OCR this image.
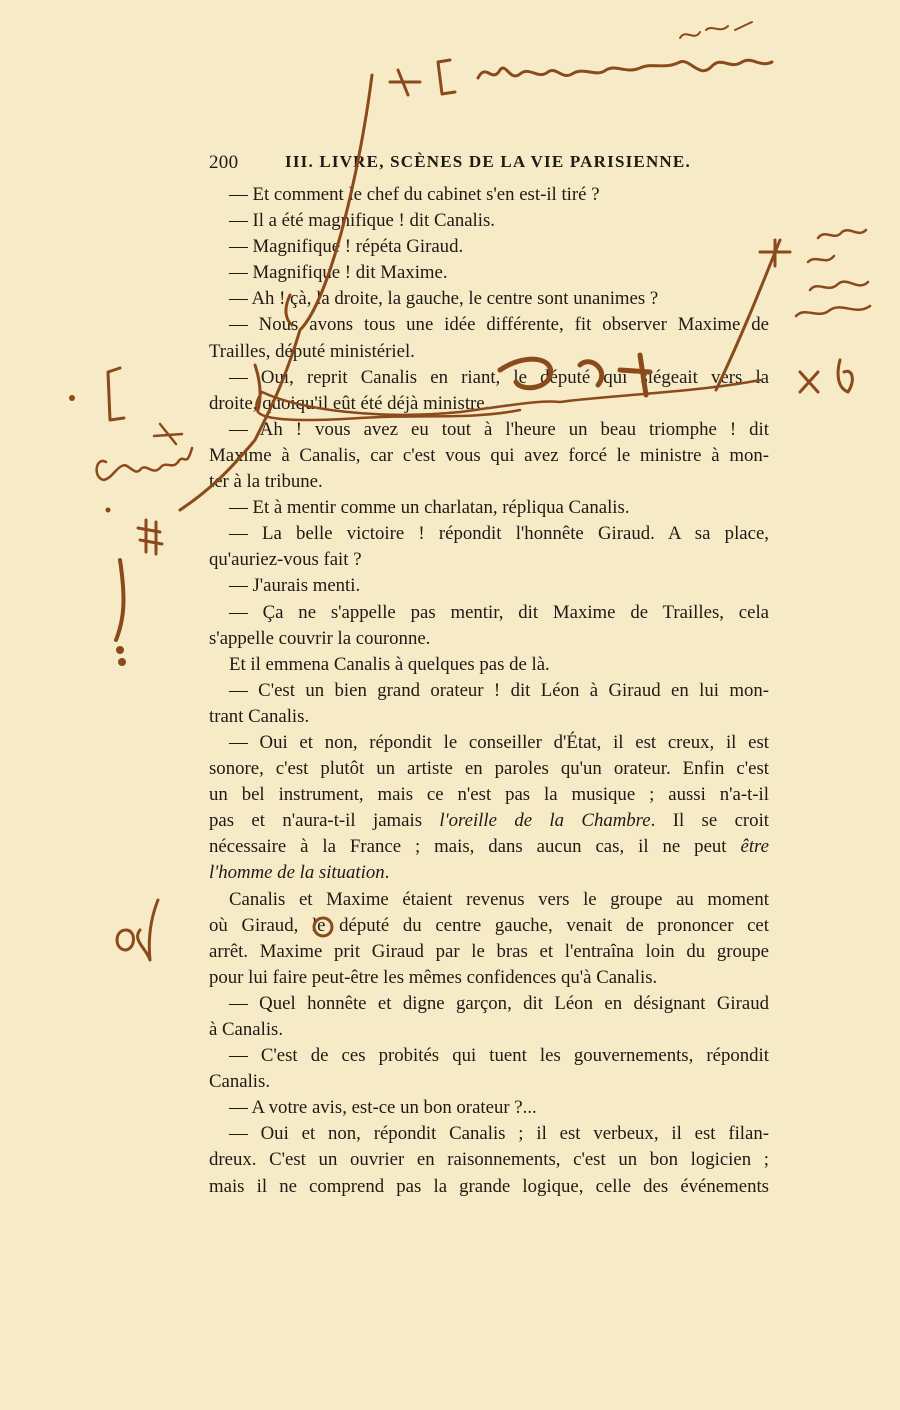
200	III. LIVRE, SCÈNES DE LA VIE PARISIENNE.
— Et comment le chef du cabinet s'en est-il tiré ?
— Il a été magnifique ! dit Canalis.
— Magnifique ! répéta Giraud.
— Magnifique ! dit Maxime.
— Ah ! çà, la droite, la gauche, le centre sont unanimes ?
— Nous avons tous une idée différente, fit observer Maxime de
Trailles, député ministériel.
— Oui, reprit Canalis en riant, le député qui siégeait vers la
droite, quoiqu'il eût été déjà ministre.
— Ah ! vous avez eu tout à l'heure un beau triomphe ! dit
Maxime à Canalis, car c'est vous qui avez forcé le ministre à mon-
ter à la tribune.
— Et à mentir comme un charlatan, répliqua Canalis.
— La belle victoire ! répondit l'honnête Giraud. A sa place,
qu'auriez-vous fait ?
— J'aurais menti.
— Ça ne s'appelle pas mentir, dit Maxime de Trailles, cela
s'appelle couvrir la couronne.
Et il emmena Canalis à quelques pas de là.
— C'est un bien grand orateur ! dit Léon à Giraud en lui mon-
trant Canalis.
— Oui et non, répondit le conseiller d'État, il est creux, il est
sonore, c'est plutôt un artiste en paroles qu'un orateur. Enfin c'est
un bel instrument, mais ce n'est pas la musique ; aussi n'a-t-il
pas et n'aura-t-il jamais l'oreille de la Chambre. Il se croit
nécessaire à la France ; mais, dans aucun cas, il ne peut être
l'homme de la situation.
Canalis et Maxime étaient revenus vers le groupe au moment
où Giraud, le député du centre gauche, venait de prononcer cet
arrêt. Maxime prit Giraud par le bras et l'entraîna loin du groupe
pour lui faire peut-être les mêmes confidences qu'à Canalis.
— Quel honnête et digne garçon, dit Léon en désignant Giraud
à Canalis.
— C'est de ces probités qui tuent les gouvernements, répondit
Canalis.
— A votre avis, est-ce un bon orateur ?...
— Oui et non, répondit Canalis ; il est verbeux, il est filan-
dreux. C'est un ouvrier en raisonnements, c'est un bon logicien ;
mais il ne comprend pas la grande logique, celle des événements
